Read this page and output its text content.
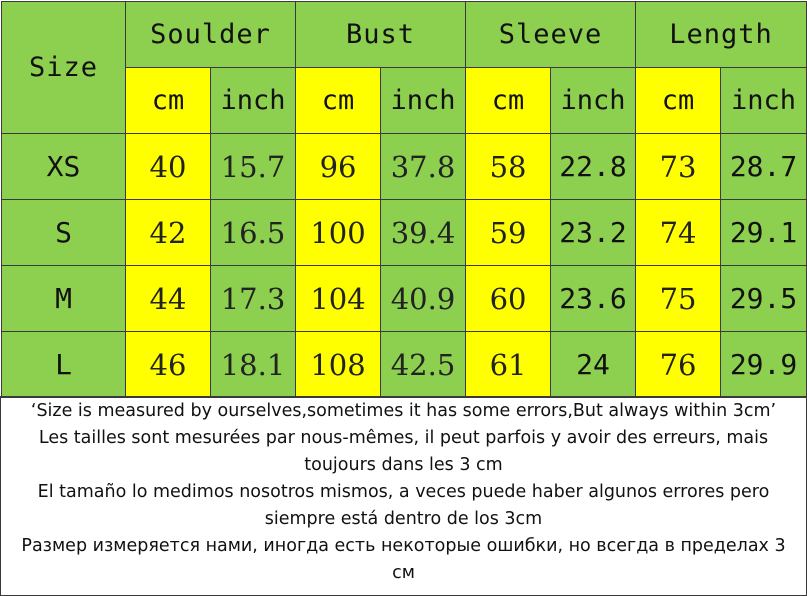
Size	Soulder		Bust		Sleeve		Length	
	cm	inch	cm	inch	cm	inch	cm	inch
XS	40	15.7	96	37.8	58	22.8	73	28.7
S	42	16.5	100	39.4	59	23.2	74	29.1
M	44	17.3	104	40.9	60	23.6	75	29.5
L	46	18.1	108	42.5	61	24	76	29.9
‘Size is measured by ourselves,sometimes it has some errors,But always within 3cm’
Les tailles sont mesurées par nous-mêmes, il peut parfois y avoir des erreurs, mais
toujours dans les 3 cm
El tamaño lo medimos nosotros mismos, a veces puede haber algunos errores pero
siempre está dentro de los 3cm
Размер измеряется нами, иногда есть некоторые ошибки, но всегда в пределах 3
см
